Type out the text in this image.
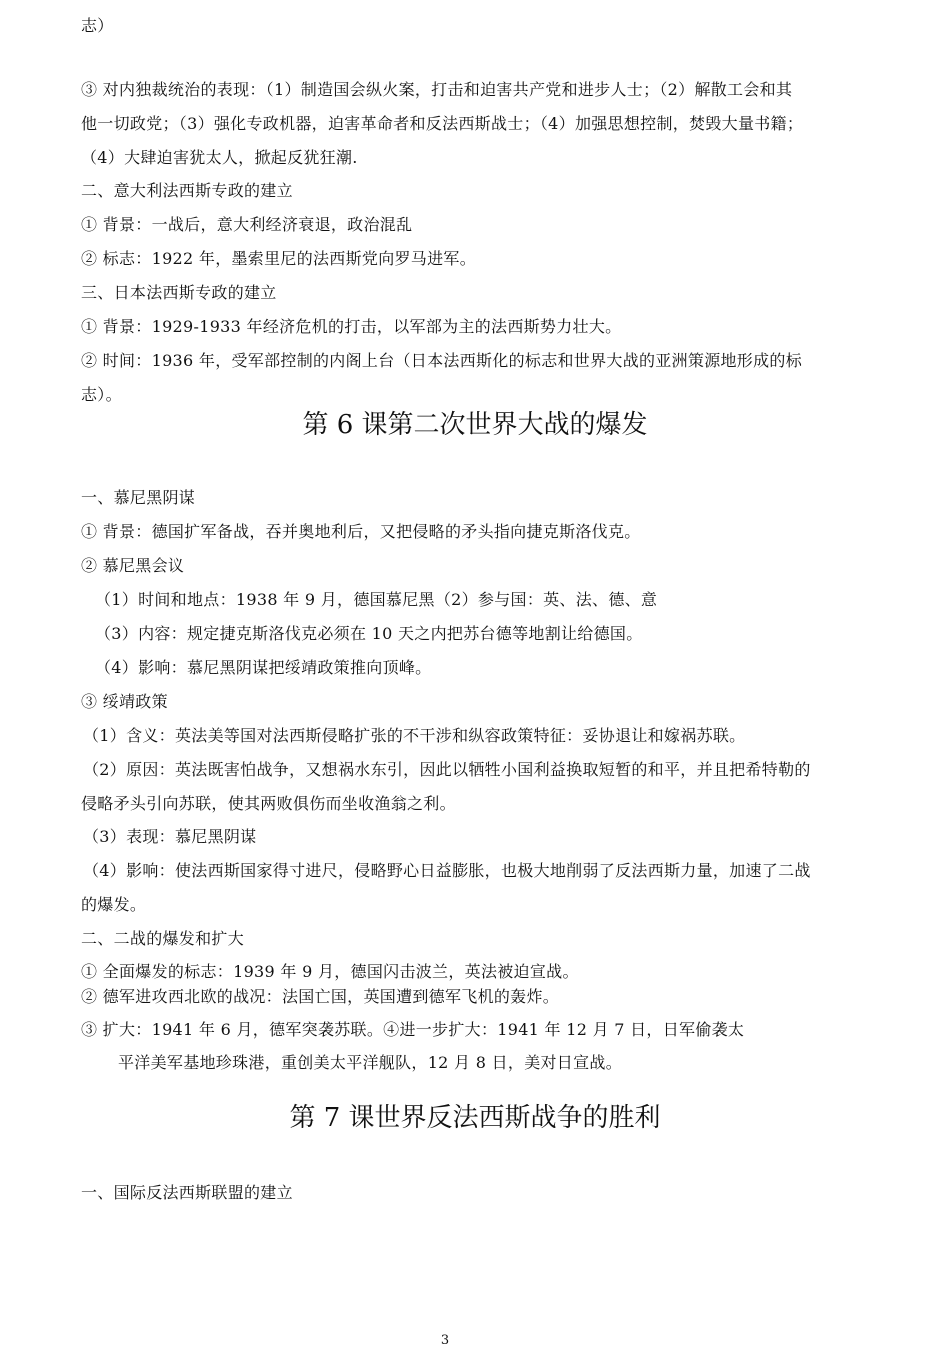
志）
③ 对内独裁统治的表现：（1）制造国会纵火案，打击和迫害共产党和进步人士；（2）解散工会和其
他一切政党；（3）强化专政机器，迫害革命者和反法西斯战士；（4）加强思想控制，焚毁大量书籍；
（4）大肆迫害犹太人，掀起反犹狂潮.
二、意大利法西斯专政的建立
① 背景：一战后，意大利经济衰退，政治混乱
② 标志：1922 年，墨索里尼的法西斯党向罗马进军。
三、日本法西斯专政的建立
① 背景：1929-1933 年经济危机的打击，以军部为主的法西斯势力壮大。
② 时间：1936 年，受军部控制的内阁上台（日本法西斯化的标志和世界大战的亚洲策源地形成的标
志）。
第 6 课第二次世界大战的爆发
一、慕尼黑阴谋
① 背景：德国扩军备战，吞并奥地利后，又把侵略的矛头指向捷克斯洛伐克。
② 慕尼黑会议
（1）时间和地点：1938 年 9 月，德国慕尼黑（2）参与国：英、法、德、意
（3）内容：规定捷克斯洛伐克必须在 10 天之内把苏台德等地割让给德国。
（4）影响：慕尼黑阴谋把绥靖政策推向顶峰。
③ 绥靖政策
（1）含义：英法美等国对法西斯侵略扩张的不干涉和纵容政策特征：妥协退让和嫁祸苏联。
（2）原因：英法既害怕战争，又想祸水东引，因此以牺牲小国利益换取短暂的和平，并且把希特勒的
侵略矛头引向苏联，使其两败俱伤而坐收渔翁之利。
（3）表现：慕尼黑阴谋
（4）影响：使法西斯国家得寸进尺，侵略野心日益膨胀，也极大地削弱了反法西斯力量，加速了二战
的爆发。
二、二战的爆发和扩大
① 全面爆发的标志：1939 年 9 月，德国闪击波兰，英法被迫宣战。
② 德军进攻西北欧的战况：法国亡国，英国遭到德军飞机的轰炸。
③ 扩大：1941 年 6 月，德军突袭苏联。④进一步扩大：1941 年 12 月 7 日，日军偷袭太
平洋美军基地珍珠港，重创美太平洋舰队，12 月 8 日，美对日宣战。
第 7 课世界反法西斯战争的胜利
一、国际反法西斯联盟的建立
3
